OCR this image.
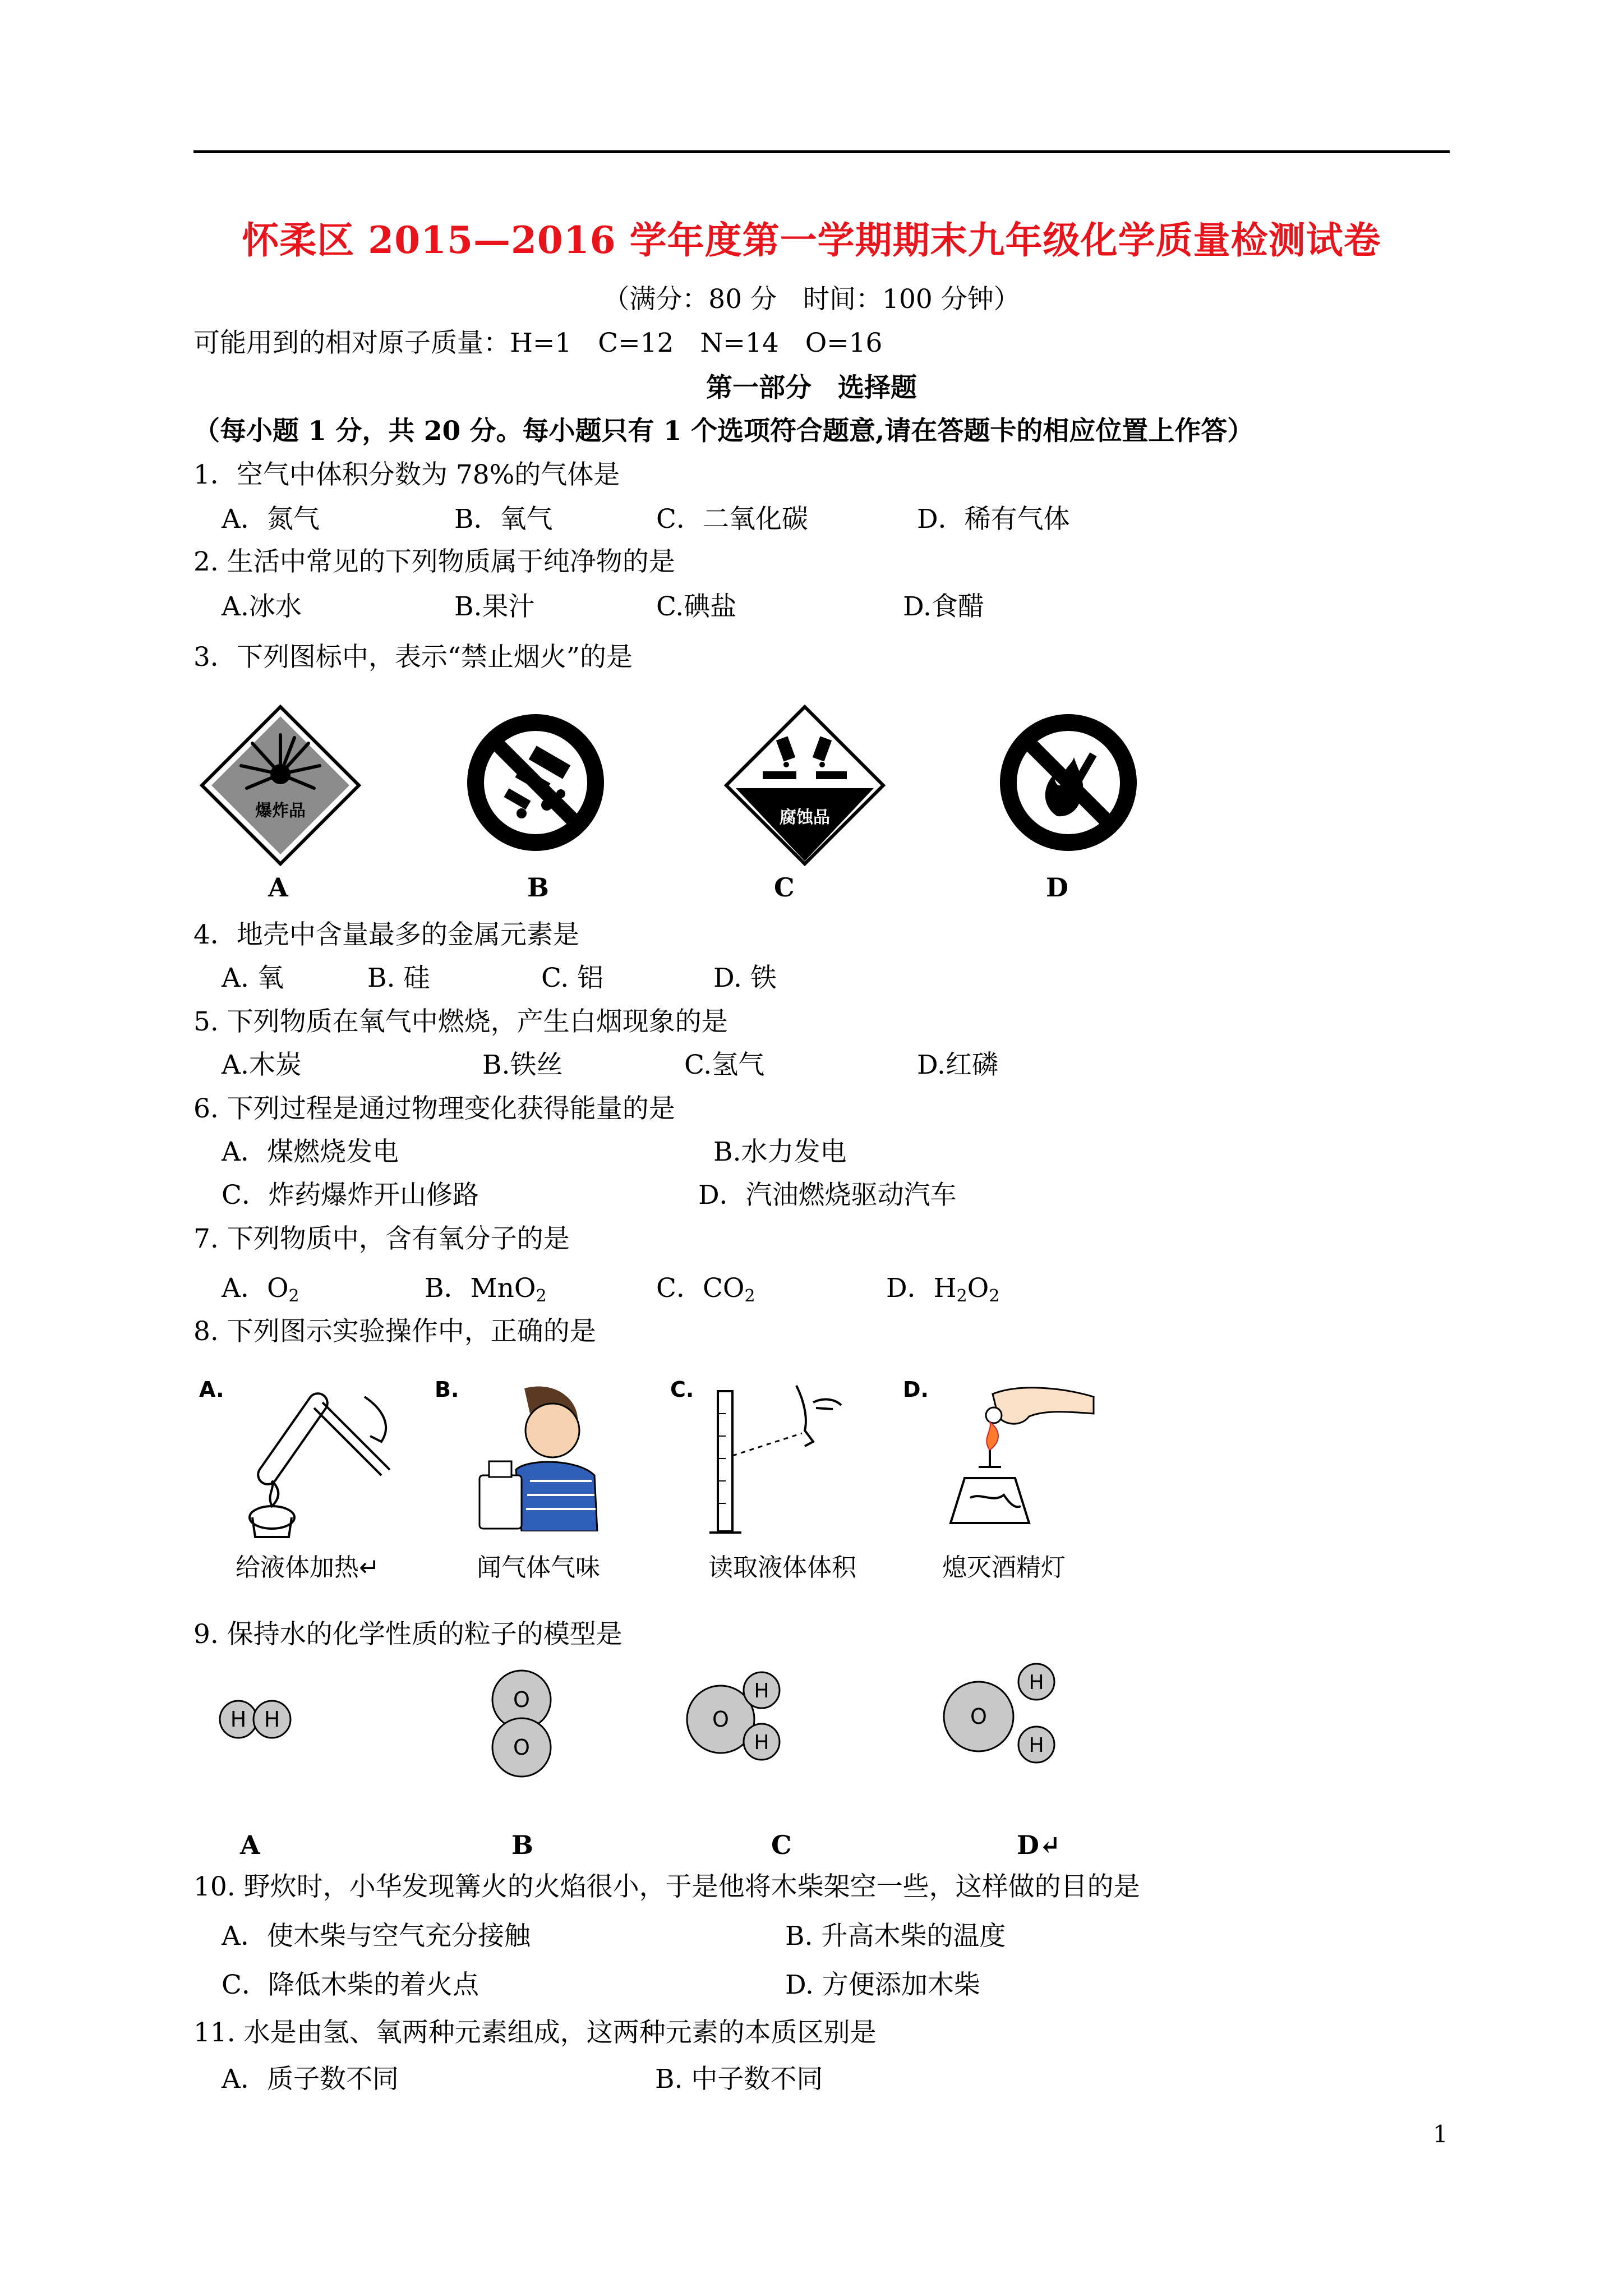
怀柔区 2015—2016 学年度第一学期期末九年级化学质量检测试卷
（满分：80 分　时间：100 分钟）
可能用到的相对原子质量：H=1　C=12　N=14　O=16
第一部分　选择题
（每小题 1 分，共 20 分。每小题只有 1 个选项符合题意,请在答题卡的相应位置上作答）
1．空气中体积分数为 78%的气体是
A．氮气	B．氧气	C．二氧化碳	D．稀有气体
2. 生活中常见的下列物质属于纯净物的是
A.冰水	B.果汁	C.碘盐	D.食醋
3．下列图标中，表示“禁止烟火”的是
爆炸品	腐蚀品
A	B	C	D
4．地壳中含量最多的金属元素是
A. 氧	B. 硅	C. 铝	D. 铁
5. 下列物质在氧气中燃烧，产生白烟现象的是
A.木炭	B.铁丝	C.氢气	D.红磷
6. 下列过程是通过物理变化获得能量的是
A．煤燃烧发电	B.水力发电
C．炸药爆炸开山修路	D．汽油燃烧驱动汽车
7. 下列物质中，含有氧分子的是
A．$O_2$	B．MnO$_2$	C．$CO_2$	D．$H_2O_2$
8. 下列图示实验操作中，正确的是
A.	B.	C.	D.
给液体加热↵	闻气体气味	读取液体体积	熄灭酒精灯
9. 保持水的化学性质的粒子的模型是
H H
O
O
O
H
H
O
H
H
A	B	C	D↵
10. 野炊时，小华发现篝火的火焰很小，于是他将木柴架空一些，这样做的目的是
A．使木柴与空气充分接触	B. 升高木柴的温度
C．降低木柴的着火点	D. 方便添加木柴
11. 水是由氢、氧两种元素组成，这两种元素的本质区别是
A．质子数不同	B. 中子数不同
1
